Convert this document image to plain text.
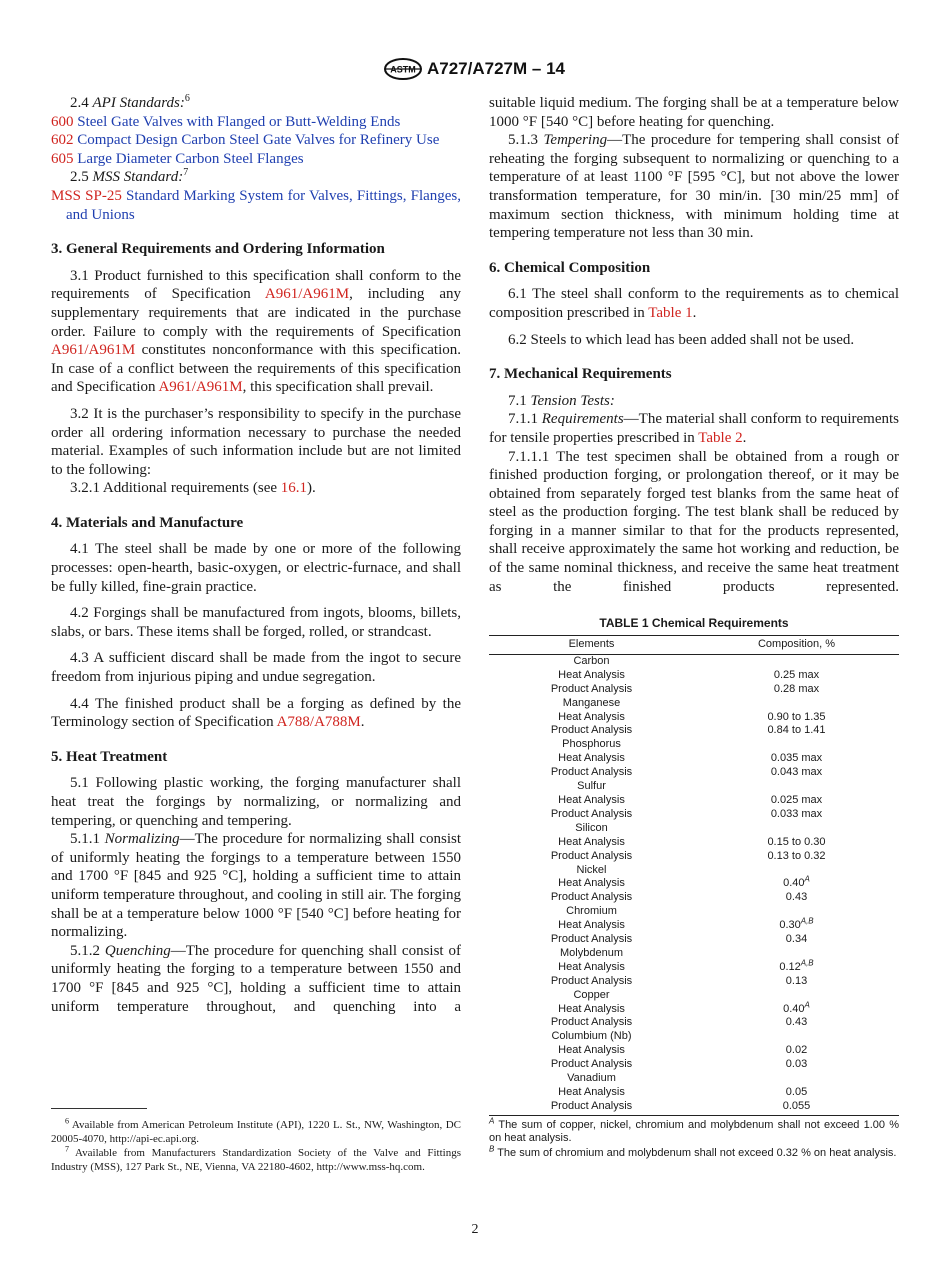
ASTM A727/A727M – 14

2.4 API Standards:$^6$

600 Steel Gate Valves with Flanged or Butt-Welding Ends

602 Compact Design Carbon Steel Gate Valves for Refinery Use

605 Large Diameter Carbon Steel Flanges

2.5 MSS Standard:$^7$

MSS SP-25 Standard Marking System for Valves, Fittings, Flanges, and Unions

3. General Requirements and Ordering Information

3.1 Product furnished to this specification shall conform to the requirements of Specification A961/A961M, including any supplementary requirements that are indicated in the purchase order. Failure to comply with the requirements of Specification A961/A961M constitutes nonconformance with this specification. In case of a conflict between the requirements of this specification and Specification A961/A961M, this specification shall prevail.

3.2 It is the purchaser’s responsibility to specify in the purchase order all ordering information necessary to purchase the needed material. Examples of such information include but are not limited to the following:

3.2.1 Additional requirements (see 16.1).

4. Materials and Manufacture

4.1 The steel shall be made by one or more of the following processes: open-hearth, basic-oxygen, or electric-furnace, and shall be fully killed, fine-grain practice.

4.2 Forgings shall be manufactured from ingots, blooms, billets, slabs, or bars. These items shall be forged, rolled, or strandcast.

4.3 A sufficient discard shall be made from the ingot to secure freedom from injurious piping and undue segregation.

4.4 The finished product shall be a forging as defined by the Terminology section of Specification A788/A788M.

5. Heat Treatment

5.1 Following plastic working, the forging manufacturer shall heat treat the forgings by normalizing, or normalizing and tempering, or quenching and tempering.

5.1.1 Normalizing—The procedure for normalizing shall consist of uniformly heating the forgings to a temperature between 1550 and 1700 °F [845 and 925 °C], holding a sufficient time to attain uniform temperature throughout, and cooling in still air. The forging shall be at a temperature below 1000 °F [540 °C] before heating for normalizing.

5.1.2 Quenching—The procedure for quenching shall consist of uniformly heating the forging to a temperature between 1550 and 1700 °F [845 and 925 °C], holding a sufficient time to attain uniform temperature throughout, and quenching into a

$^6$ Available from American Petroleum Institute (API), 1220 L. St., NW, Washington, DC 20005-4070, http://api-ec.api.org.

$^7$ Available from Manufacturers Standardization Society of the Valve and Fittings Industry (MSS), 127 Park St., NE, Vienna, VA 22180-4602, http://www.mss-hq.com.

suitable liquid medium. The forging shall be at a temperature below 1000 °F [540 °C] before heating for quenching.

5.1.3 Tempering—The procedure for tempering shall consist of reheating the forging subsequent to normalizing or quenching to a temperature of at least 1100 °F [595 °C], but not above the lower transformation temperature, for 30 min/in. [30 min/25 mm] of maximum section thickness, with minimum holding time at tempering temperature not less than 30 min.

6. Chemical Composition

6.1 The steel shall conform to the requirements as to chemical composition prescribed in Table 1.

6.2 Steels to which lead has been added shall not be used.

7. Mechanical Requirements

7.1 Tension Tests:

7.1.1 Requirements—The material shall conform to requirements for tensile properties prescribed in Table 2.

7.1.1.1 The test specimen shall be obtained from a rough or finished production forging, or prolongation thereof, or it may be obtained from separately forged test blanks from the same heat of steel as the production forging. The test blank shall be reduced by forging in a manner similar to that for the products represented, shall receive approximately the same hot working and reduction, be of the same nominal thickness, and receive the same heat treatment as the finished products represented.

TABLE 1 Chemical Requirements
Elements	Composition, %
Carbon	
Heat Analysis	0.25 max
Product Analysis	0.28 max
Manganese	
Heat Analysis	0.90 to 1.35
Product Analysis	0.84 to 1.41
Phosphorus	
Heat Analysis	0.035 max
Product Analysis	0.043 max
Sulfur	
Heat Analysis	0.025 max
Product Analysis	0.033 max
Silicon	
Heat Analysis	0.15 to 0.30
Product Analysis	0.13 to 0.32
Nickel	
Heat Analysis	$0.40^A$
Product Analysis	0.43
Chromium	
Heat Analysis	$0.30^{A,B}$
Product Analysis	0.34
Molybdenum	
Heat Analysis	$0.12^{A,B}$
Product Analysis	0.13
Copper	
Heat Analysis	$0.40^A$
Product Analysis	0.43
Columbium (Nb)	
Heat Analysis	0.02
Product Analysis	0.03
Vanadium	
Heat Analysis	0.05
Product Analysis	0.055

$^A$ The sum of copper, nickel, chromium and molybdenum shall not exceed 1.00 % on heat analysis.

$^B$ The sum of chromium and molybdenum shall not exceed 0.32 % on heat analysis.

2
